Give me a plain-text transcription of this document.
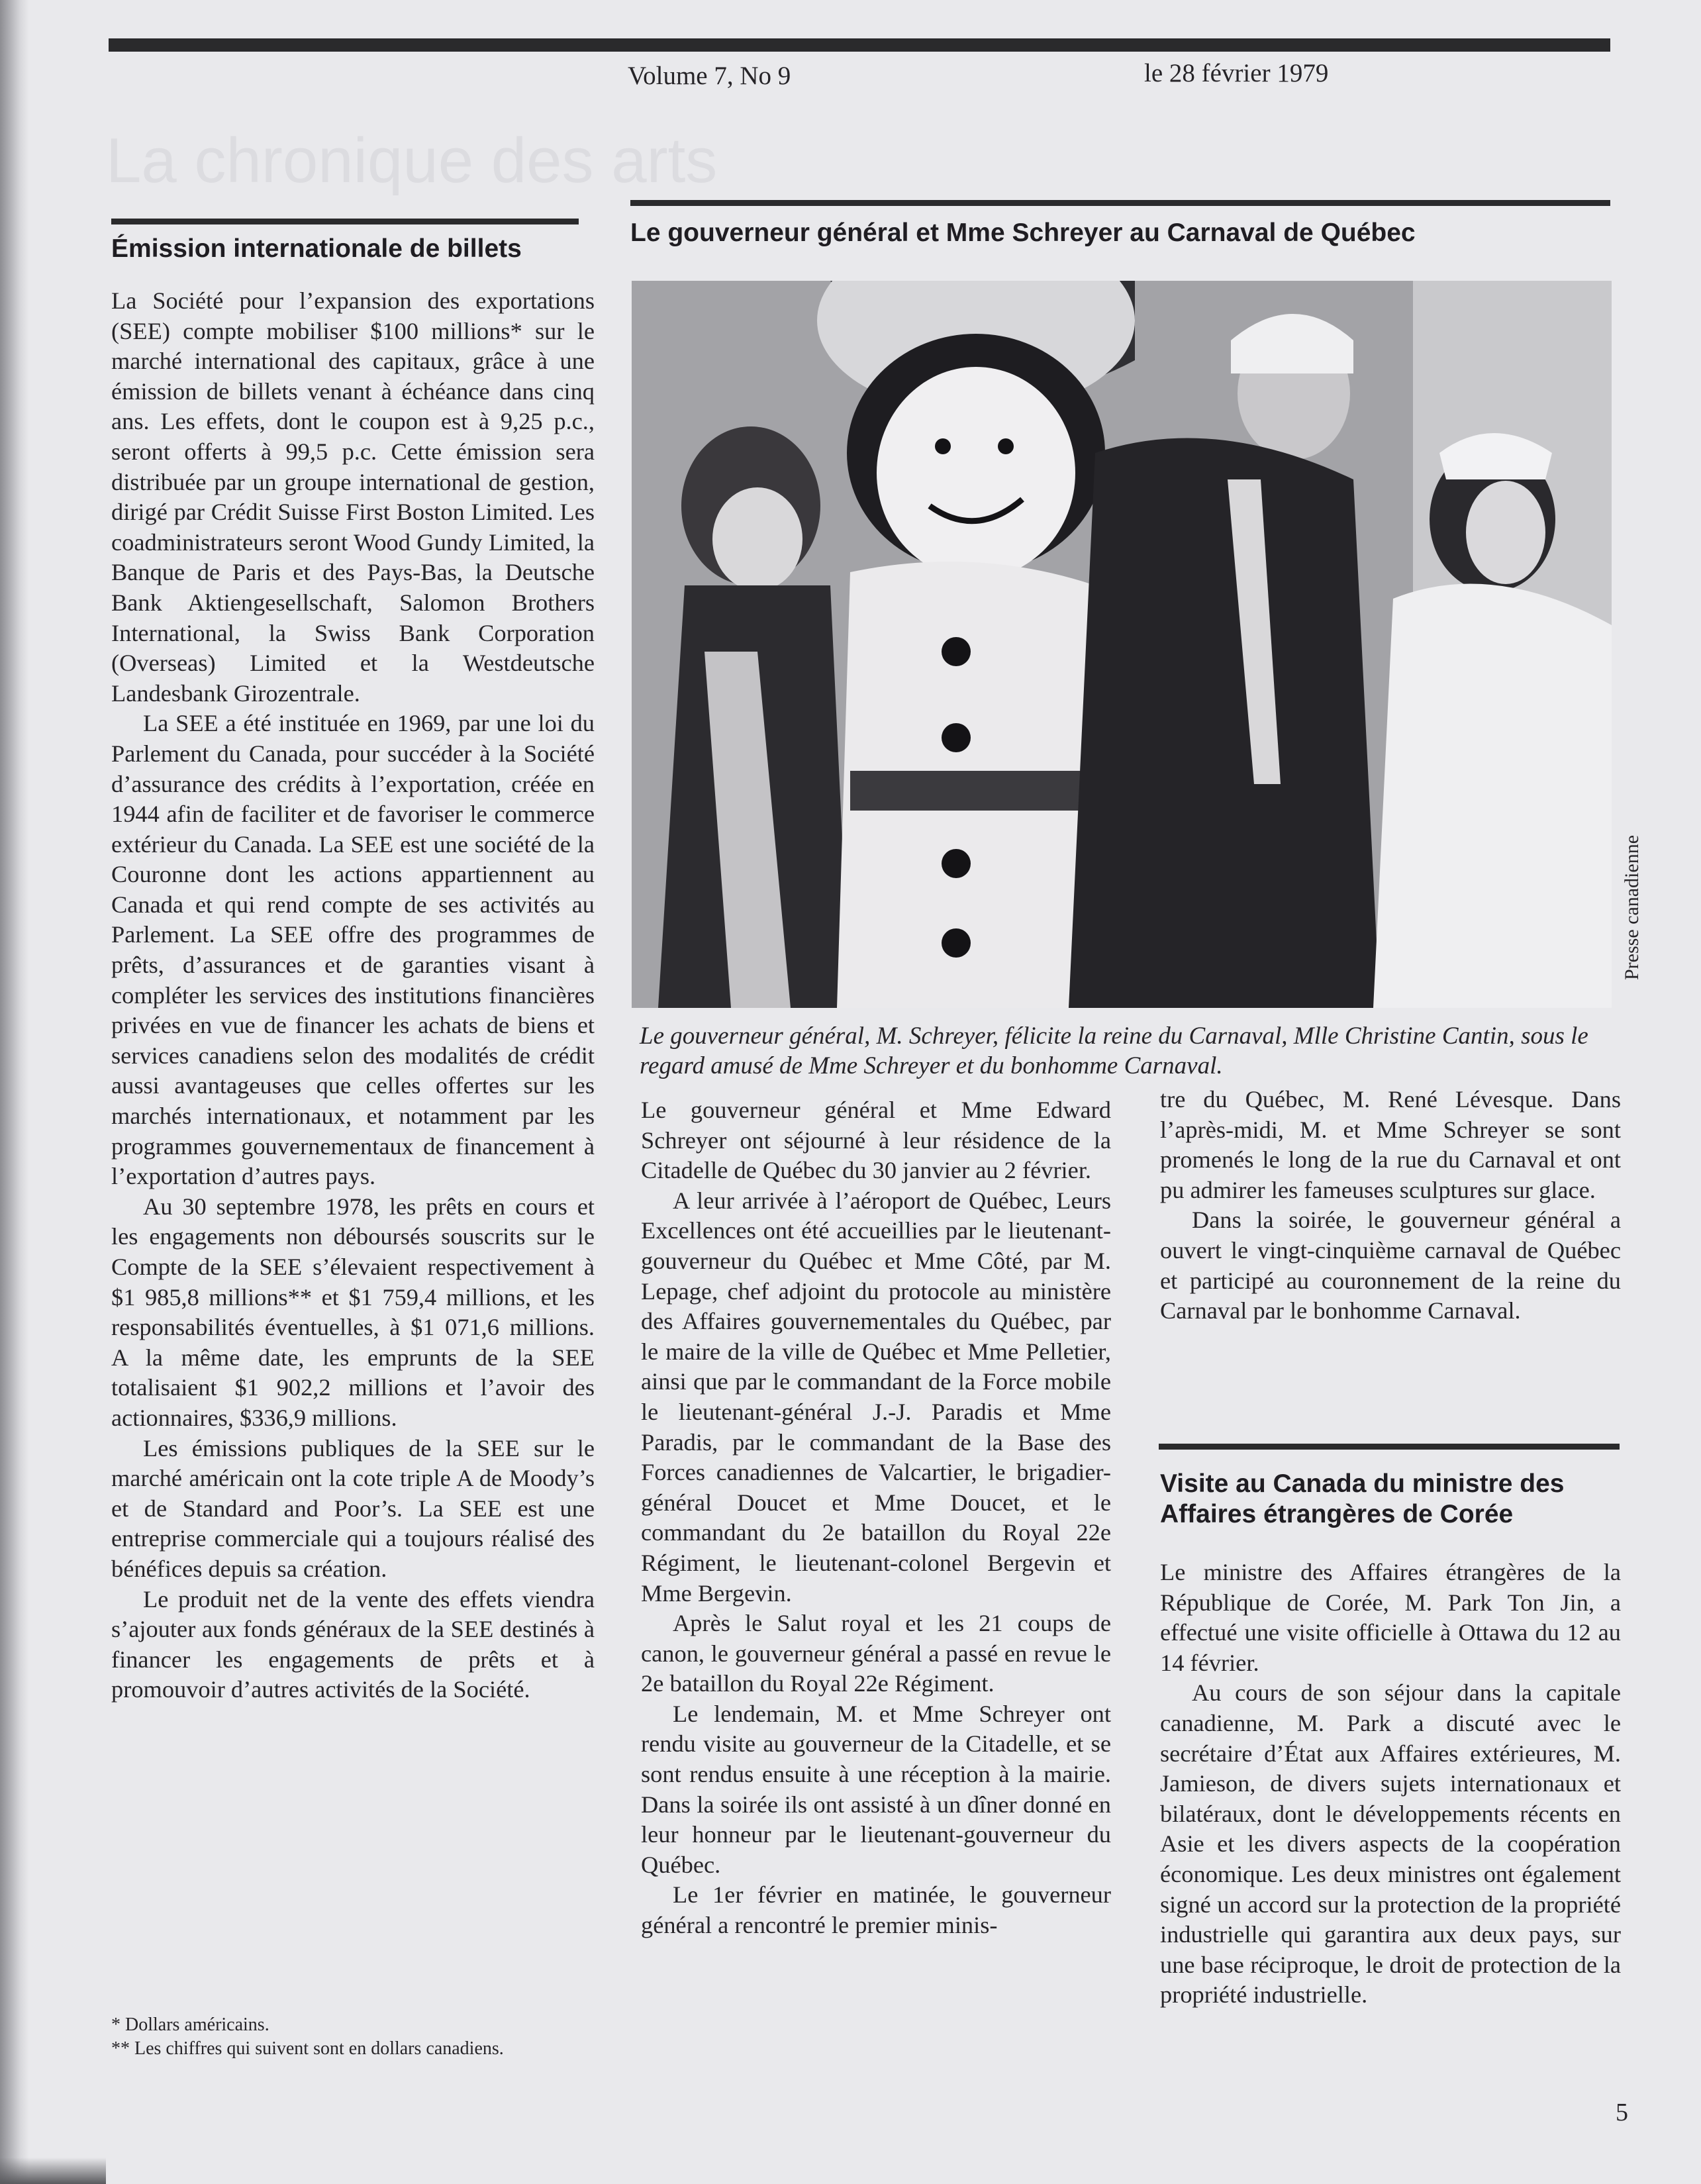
Volume 7, No 9	le 28 février 1979
La chronique des arts
Émission internationale de billets

La Société pour l’expansion des exportations (SEE) compte mobiliser $100 millions* sur le marché international des capitaux, grâce à une émission de billets venant à échéance dans cinq ans. Les effets, dont le coupon est à 9,25 p.c., seront offerts à 99,5 p.c. Cette émission sera distribuée par un groupe international de gestion, dirigé par Crédit Suisse First Boston Limited. Les coadministrateurs seront Wood Gundy Limited, la Banque de Paris et des Pays-Bas, la Deutsche Bank Aktiengesellschaft, Salomon Brothers International, la Swiss Bank Corporation (Overseas) Limited et la Westdeutsche Landesbank Girozentrale.

La SEE a été instituée en 1969, par une loi du Parlement du Canada, pour succéder à la Société d’assurance des crédits à l’exportation, créée en 1944 afin de faciliter et de favoriser le commerce extérieur du Canada. La SEE est une société de la Couronne dont les actions appartiennent au Canada et qui rend compte de ses activités au Parlement. La SEE offre des programmes de prêts, d’assurances et de garanties visant à compléter les services des institutions financières privées en vue de financer les achats de biens et services canadiens selon des modalités de crédit aussi avantageuses que celles offertes sur les marchés internationaux, et notamment par les programmes gouvernementaux de financement à l’exportation d’autres pays.

Au 30 septembre 1978, les prêts en cours et les engagements non déboursés souscrits sur le Compte de la SEE s’élevaient respectivement à $1 985,8 millions** et $1 759,4 millions, et les responsabilités éventuelles, à $1 071,6 millions. A la même date, les emprunts de la SEE totalisaient $1 902,2 millions et l’avoir des actionnaires, $336,9 millions.

Les émissions publiques de la SEE sur le marché américain ont la cote triple A de Moody’s et de Standard and Poor’s. La SEE est une entreprise commerciale qui a toujours réalisé des bénéfices depuis sa création.

Le produit net de la vente des effets viendra s’ajouter aux fonds généraux de la SEE destinés à financer les engagements de prêts et à promouvoir d’autres activités de la Société.

* Dollars américains.

** Les chiffres qui suivent sont en dollars canadiens.

Le gouverneur général et Mme Schreyer au Carnaval de Québec
Presse canadienne
Le gouverneur général, M. Schreyer, félicite la reine du Carnaval, Mlle Christine Cantin, sous le regard amusé de Mme Schreyer et du bonhomme Carnaval.

Le gouverneur général et Mme Edward Schreyer ont séjourné à leur résidence de la Citadelle de Québec du 30 janvier au 2 février.

A leur arrivée à l’aéroport de Québec, Leurs Excellences ont été accueillies par le lieutenant-gouverneur du Québec et Mme Côté, par M. Lepage, chef adjoint du protocole au ministère des Affaires gouvernementales du Québec, par le maire de la ville de Québec et Mme Pelletier, ainsi que par le commandant de la Force mobile le lieutenant-général J.-J. Paradis et Mme Paradis, par le commandant de la Base des Forces canadiennes de Valcartier, le brigadier-général Doucet et Mme Doucet, et le commandant du 2e bataillon du Royal 22e Régiment, le lieutenant-colonel Bergevin et Mme Bergevin.

Après le Salut royal et les 21 coups de canon, le gouverneur général a passé en revue le 2e bataillon du Royal 22e Régiment.

Le lendemain, M. et Mme Schreyer ont rendu visite au gouverneur de la Citadelle, et se sont rendus ensuite à une réception à la mairie. Dans la soirée ils ont assisté à un dîner donné en leur honneur par le lieutenant-gouverneur du Québec.

Le 1er février en matinée, le gouverneur général a rencontré le premier minis-

tre du Québec, M. René Lévesque. Dans l’après-midi, M. et Mme Schreyer se sont promenés le long de la rue du Carnaval et ont pu admirer les fameuses sculptures sur glace.

Dans la soirée, le gouverneur général a ouvert le vingt-cinquième carnaval de Québec et participé au couronnement de la reine du Carnaval par le bonhomme Carnaval.

Visite au Canada du ministre des Affaires étrangères de Corée

Le ministre des Affaires étrangères de la République de Corée, M. Park Ton Jin, a effectué une visite officielle à Ottawa du 12 au 14 février.

Au cours de son séjour dans la capitale canadienne, M. Park a discuté avec le secrétaire d’État aux Affaires extérieures, M. Jamieson, de divers sujets internationaux et bilatéraux, dont le développements récents en Asie et les divers aspects de la coopération économique. Les deux ministres ont également signé un accord sur la protection de la propriété industrielle qui garantira aux deux pays, sur une base réciproque, le droit de protection de la propriété industrielle.

5
